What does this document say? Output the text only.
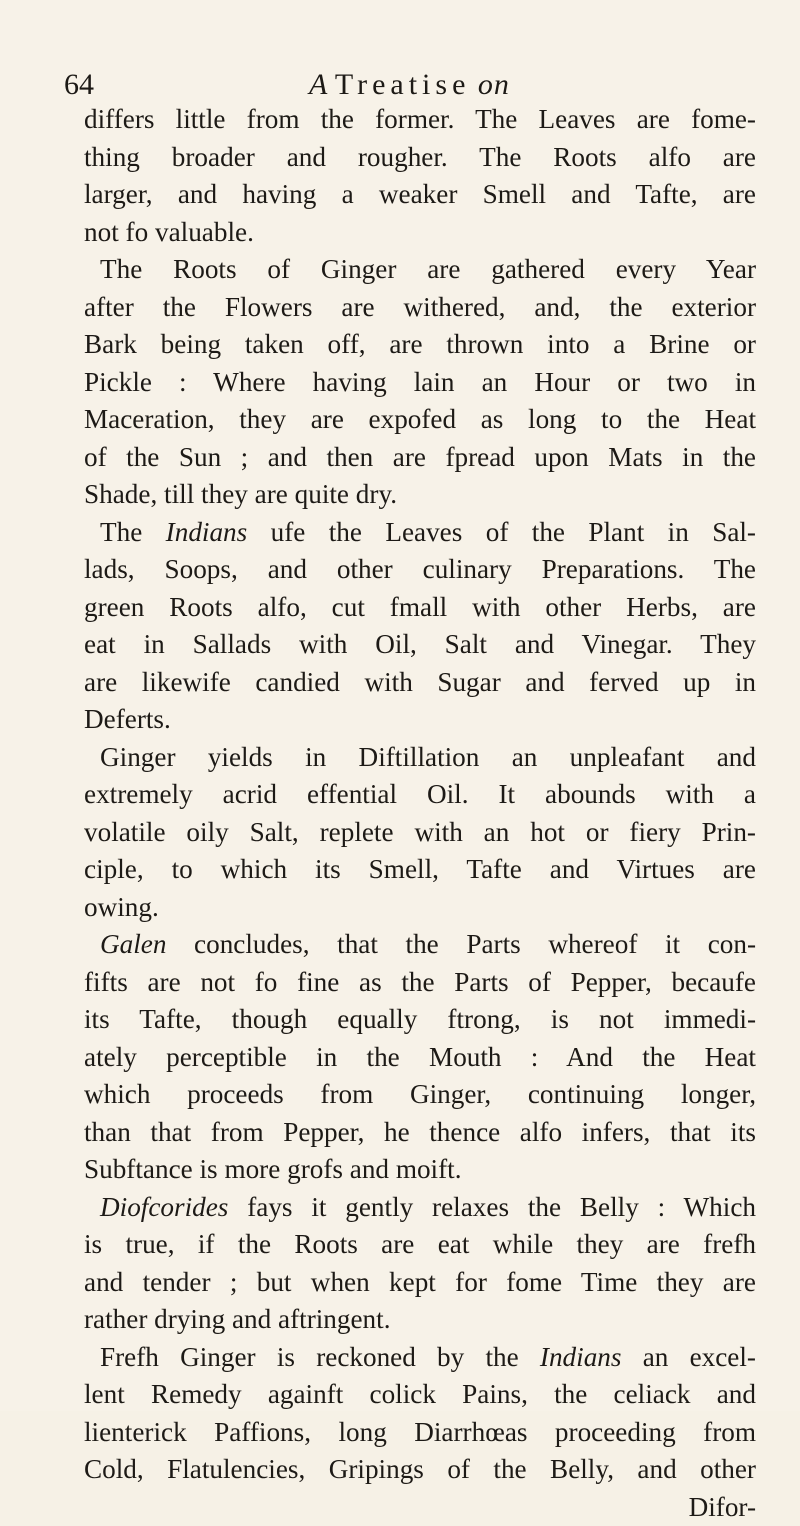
64	A Treatise on
differs little from the former. The Leaves are fome-
thing broader and rougher. The Roots alfo are
larger, and having a weaker Smell and Tafte, are
not fo valuable.
The Roots of Ginger are gathered every Year
after the Flowers are withered, and, the exterior
Bark being taken off, are thrown into a Brine or
Pickle : Where having lain an Hour or two in
Maceration, they are expofed as long to the Heat
of the Sun ; and then are fpread upon Mats in the
Shade, till they are quite dry.
The Indians ufe the Leaves of the Plant in Sal-
lads, Soops, and other culinary Preparations. The
green Roots alfo, cut fmall with other Herbs, are
eat in Sallads with Oil, Salt and Vinegar. They
are likewife candied with Sugar and ferved up in
Deferts.
Ginger yields in Diftillation an unpleafant and
extremely acrid effential Oil. It abounds with a
volatile oily Salt, replete with an hot or fiery Prin-
ciple, to which its Smell, Tafte and Virtues are
owing.
Galen concludes, that the Parts whereof it con-
fifts are not fo fine as the Parts of Pepper, becaufe
its Tafte, though equally ftrong, is not immedi-
ately perceptible in the Mouth : And the Heat
which proceeds from Ginger, continuing longer,
than that from Pepper, he thence alfo infers, that its
Subftance is more grofs and moift.
Diofcorides fays it gently relaxes the Belly : Which
is true, if the Roots are eat while they are frefh
and tender ; but when kept for fome Time they are
rather drying and aftringent.
Frefh Ginger is reckoned by the Indians an excel-
lent Remedy againft colick Pains, the celiack and
lienterick Paffions, long Diarrhœas proceeding from
Cold, Flatulencies, Gripings of the Belly, and other
Difor-
